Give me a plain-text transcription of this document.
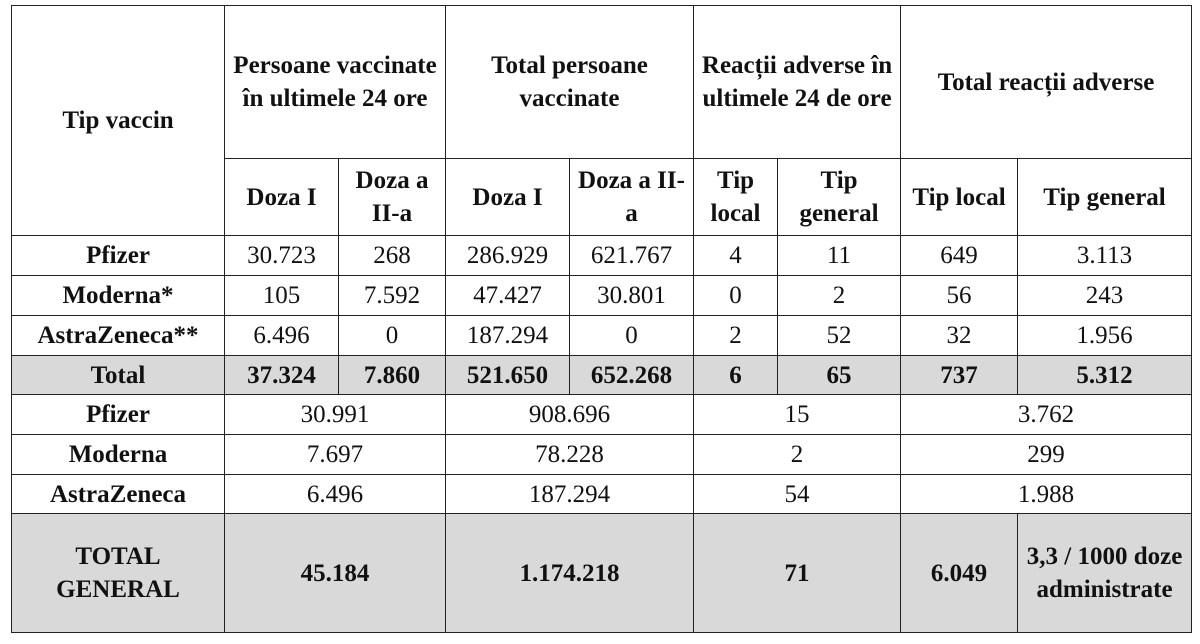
Tip vaccin	Persoane vaccinate în ultimele 24 ore		Total persoane vaccinate		Reacții adverse în ultimele 24 de ore		Total reacții adverse	
	Doza I	Doza a II-a	Doza I	Doza a II-a	Tip local	Tip general	Tip local	Tip general
Pfizer	30.723	268	286.929	621.767	4	11	649	3.113
Moderna*	105	7.592	47.427	30.801	0	2	56	243
AstraZeneca**	6.496	0	187.294	0	2	52	32	1.956
Total	37.324	7.860	521.650	652.268	6	65	737	5.312
Pfizer	30.991		908.696		15		3.762	
Moderna	7.697		78.228		2		299	
AstraZeneca	6.496		187.294		54		1.988	
TOTAL GENERAL	45.184		1.174.218		71		6.049	3,3 / 1000 doze administrate
